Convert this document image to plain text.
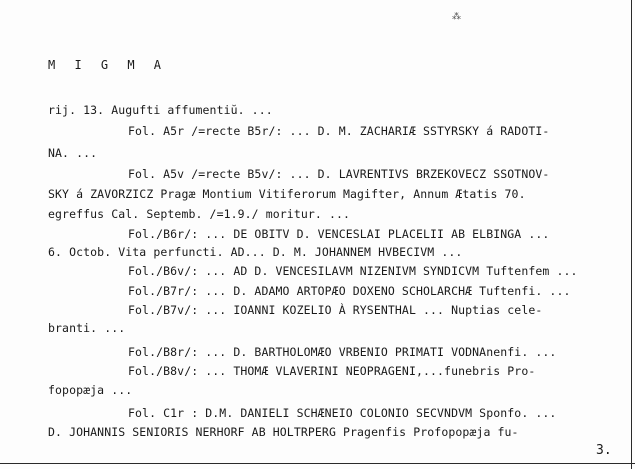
⁂
M I G M A
rij. 13. Augufti affumentiŭ. ...
Fol. A5r /=recte B5r/: ... D. M. ZACHARIÆ SSTYRSKY á RADOTI-
NA. ...
Fol. A5v /=recte B5v/: ... D. LAVRENTIVS BRZEKOVECZ SSOTNOV-
SKY á ZAVORZICZ Pragæ Montium Vitiferorum Magifter, Annum Ætatis 70.
egreffus Cal. Septemb. /=1.9./ moritur. ...
Fol./B6r/: ... DE OBITV D. VENCESLAI PLACELII AB ELBINGA ...
6. Octob. Vita perfuncti. AD... D. M. JOHANNEM HVBECIVM ...
Fol./B6v/: ... AD D. VENCESILAVM NIZENIVM SYNDICVM Tuftenfem ...
Fol./B7r/: ... D. ADAMO ARTOPÆO DOXENO SCHOLARCHÆ Tuftenfi. ...
Fol./B7v/: ... IOANNI KOZELIO À RYSENTHAL ... Nuptias cele-
branti. ...
Fol./B8r/: ... D. BARTHOLOMÆO VRBENIO PRIMATI VODNAnenfi. ...
Fol./B8v/: ... THOMÆ VLAVERINI NEOPRAGENI,...funebris Pro-
fopopæja ...
Fol. C1r : D.M. DANIELI SCHÆNEIO COLONIO SECVNDVM Sponfo. ...
D. JOHANNIS SENIORIS NERHORF AB HOLTRPERG Pragenfis Profopopæja fu-
3.
